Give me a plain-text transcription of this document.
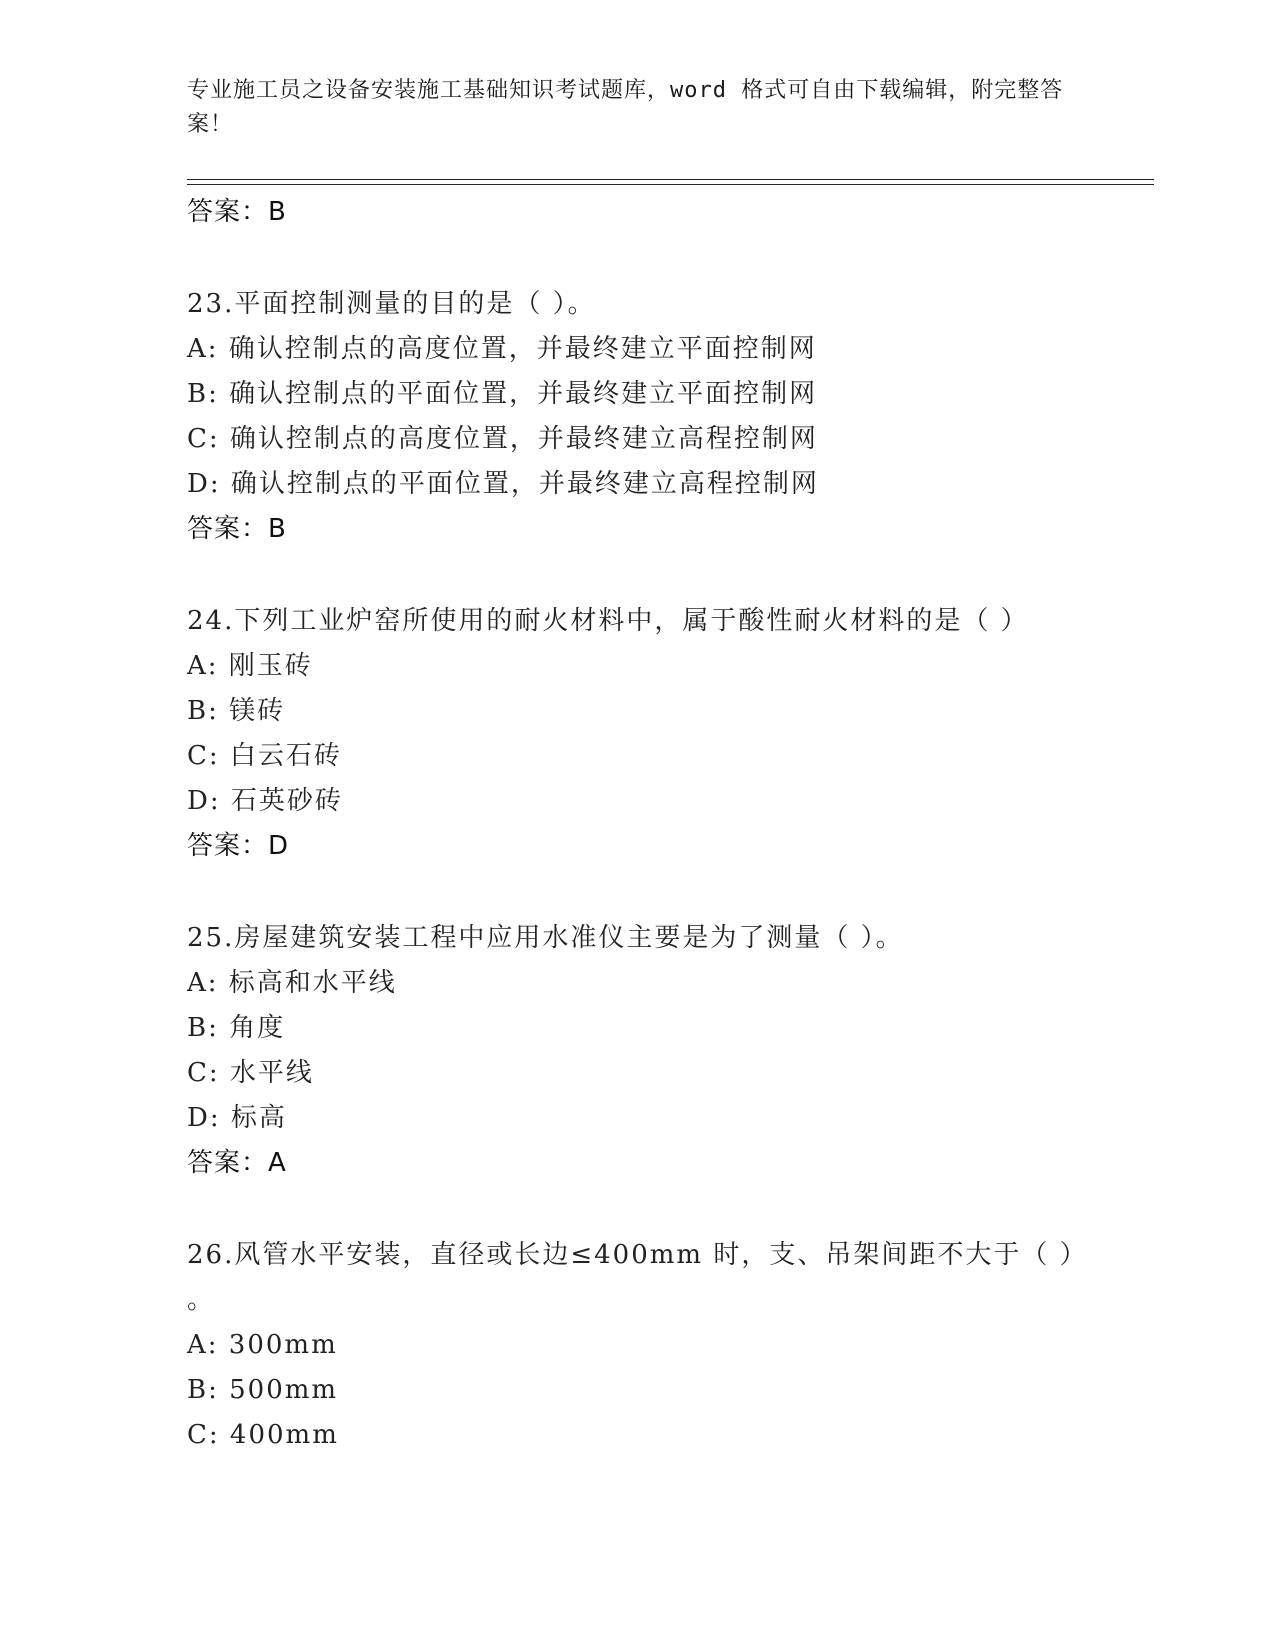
专业施工员之设备安装施工基础知识考试题库，word 格式可自由下载编辑，附完整答案！
答案：B
23.平面控制测量的目的是（ ）。
A: 确认控制点的高度位置，并最终建立平面控制网
B: 确认控制点的平面位置，并最终建立平面控制网
C: 确认控制点的高度位置，并最终建立高程控制网
D: 确认控制点的平面位置，并最终建立高程控制网
答案：B
24.下列工业炉窑所使用的耐火材料中，属于酸性耐火材料的是（ ）
A: 刚玉砖
B: 镁砖
C: 白云石砖
D: 石英砂砖
答案：D
25.房屋建筑安装工程中应用水准仪主要是为了测量（ ）。
A: 标高和水平线
B: 角度
C: 水平线
D: 标高
答案：A
26.风管水平安装，直径或长边≤400mm 时，支、吊架间距不大于（ ）
。
A: 300mm
B: 500mm
C: 400mm
